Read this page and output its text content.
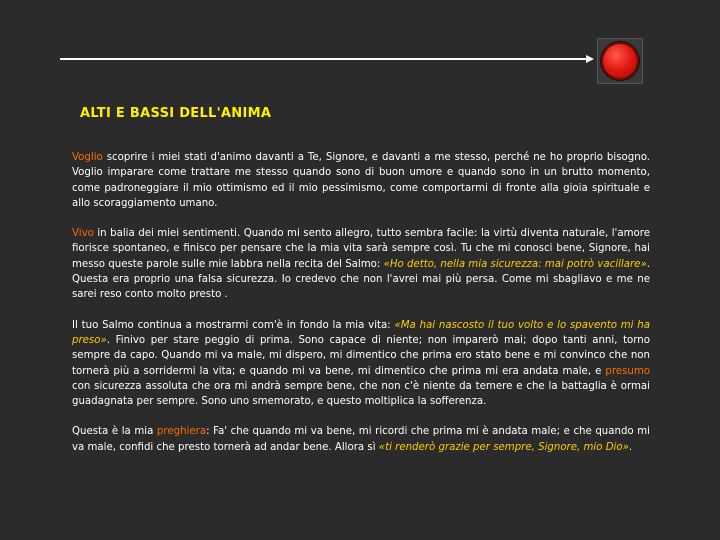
ALTI E BASSI DELL'ANIMA

Voglio scoprire i miei stati d'animo davanti a Te, Signore, e davanti a me stesso, perché ne ho proprio bisogno. Voglio imparare come trattare me stesso quando sono di buon umore e quando sono in un brutto momento, come padroneggiare il mio ottimismo ed il mio pessimismo, come comportarmi di fronte alla gioia spirituale e allo scoraggiamento umano.

Vivo in balia dei miei sentimenti. Quando mi sento allegro, tutto sembra facile: la virtù diventa naturale, l'amore fiorisce spontaneo, e finisco per pensare che la mia vita sarà sempre così. Tu che mi conosci bene, Signore, hai messo queste parole sulle mie labbra nella recita del Salmo: «Ho detto, nella mia sicurezza: mai potrò vacillare». Questa era proprio una falsa sicurezza. Io credevo che non l'avrei mai più persa. Come mi sbagliavo e me ne sarei reso conto molto presto .

Il tuo Salmo continua a mostrarmi com'è in fondo la mia vita: «Ma hai nascosto il tuo volto e lo spavento mi ha preso». Finivo per stare peggio di prima. Sono capace di niente; non imparerò mai; dopo tanti anni, torno sempre da capo. Quando mi va male, mi dispero, mi dimentico che prima ero stato bene e mi convinco che non tornerà più a sorridermi la vita; e quando mi va bene, mi dimentico che prima mi era andata male, e presumo con sicurezza assoluta che ora mi andrà sempre bene, che non c'è niente da temere e che la battaglia è ormai guadagnata per sempre. Sono uno smemorato, e questo moltiplica la sofferenza.

Questa è la mia preghiera: Fa' che quando mi va bene, mi ricordi che prima mi è andata male; e che quando mi va male, confidi che presto tornerà ad andar bene. Allora sì «ti renderò grazie per sempre, Signore, mio Dio».
